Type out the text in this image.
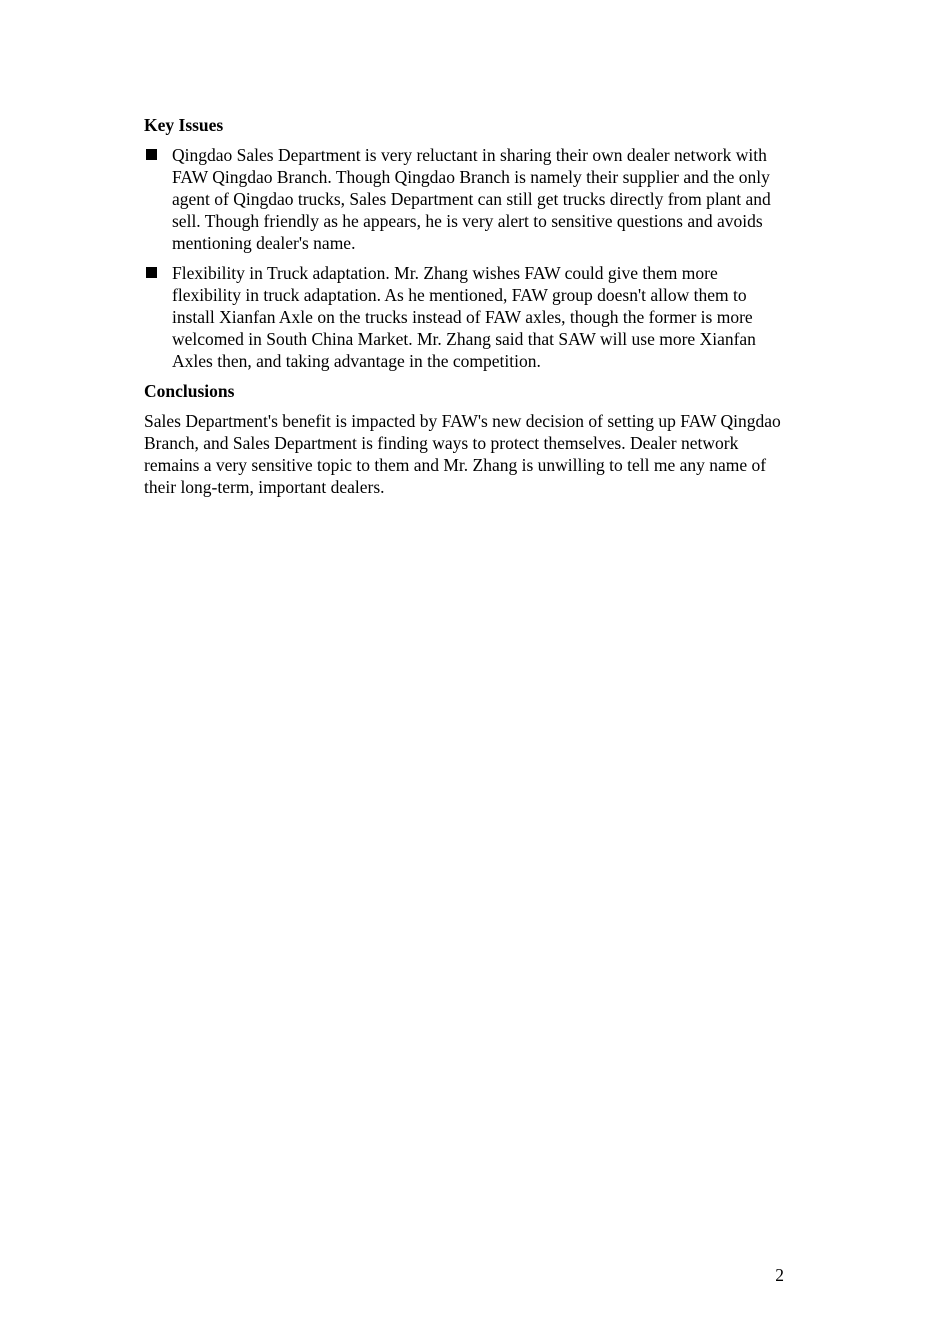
Key Issues
Qingdao Sales Department is very reluctant in sharing their own dealer network with FAW Qingdao Branch. Though Qingdao Branch is namely their supplier and the only agent of Qingdao trucks, Sales Department can still get trucks directly from plant and sell. Though friendly as he appears, he is very alert to sensitive questions and avoids mentioning dealer's name.
Flexibility in Truck adaptation. Mr. Zhang wishes FAW could give them more flexibility in truck adaptation. As he mentioned, FAW group doesn't allow them to install Xianfan Axle on the trucks instead of FAW axles, though the former is more welcomed in South China Market. Mr. Zhang said that SAW will use more Xianfan Axles then, and taking advantage in the competition.
Conclusions

Sales Department's benefit is impacted by FAW's new decision of setting up FAW Qingdao Branch, and Sales Department is finding ways to protect themselves. Dealer network remains a very sensitive topic to them and Mr. Zhang is unwilling to tell me any name of their long-term, important dealers.

2
